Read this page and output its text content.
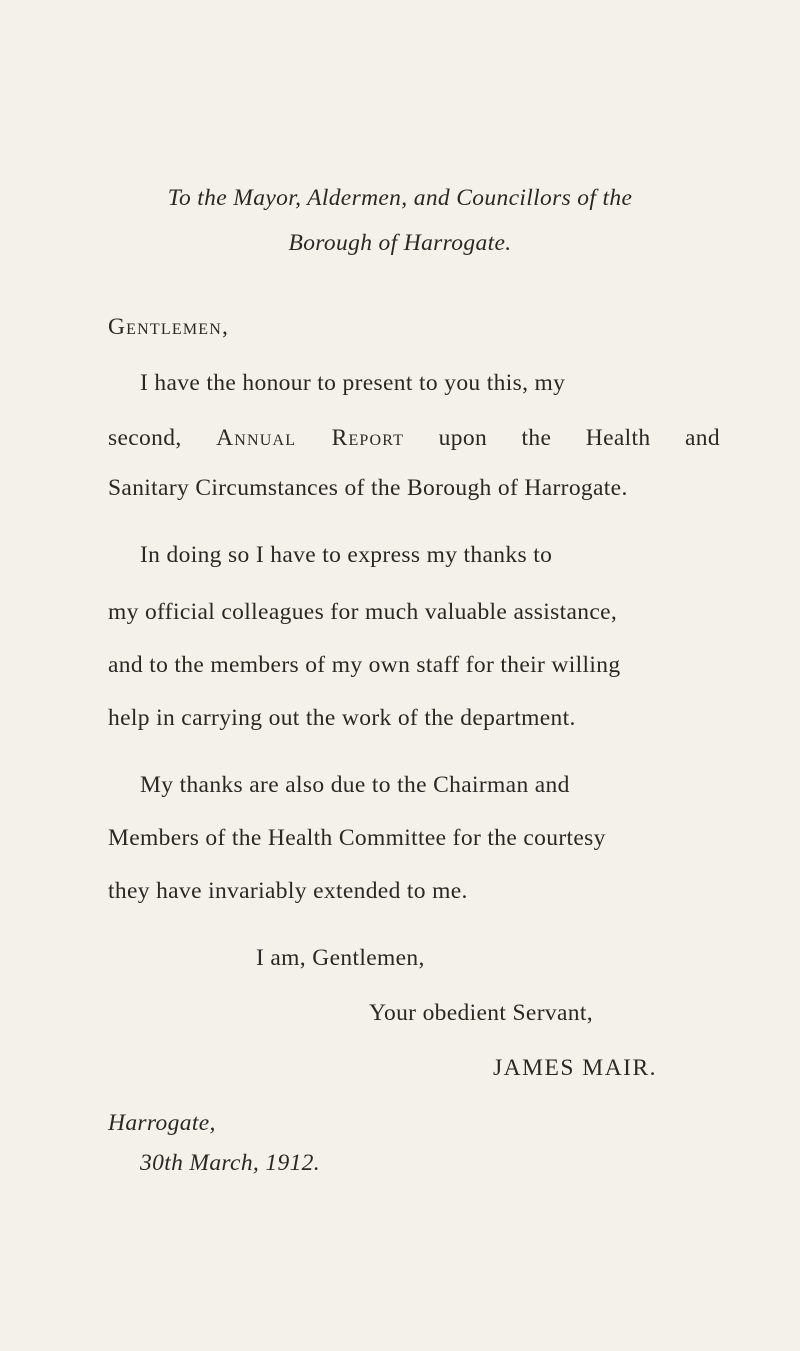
To the Mayor, Aldermen, and Councillors of the
Borough of Harrogate.
Gentlemen,
I have the honour to present to you this, my
second, Annual Report upon the Health and
Sanitary Circumstances of the Borough of Harrogate.
In doing so I have to express my thanks to
my official colleagues for much valuable assistance,
and to the members of my own staff for their willing
help in carrying out the work of the department.
My thanks are also due to the Chairman and
Members of the Health Committee for the courtesy
they have invariably extended to me.
I am, Gentlemen,
Your obedient Servant,
JAMES MAIR.
Harrogate,
30th March, 1912.
